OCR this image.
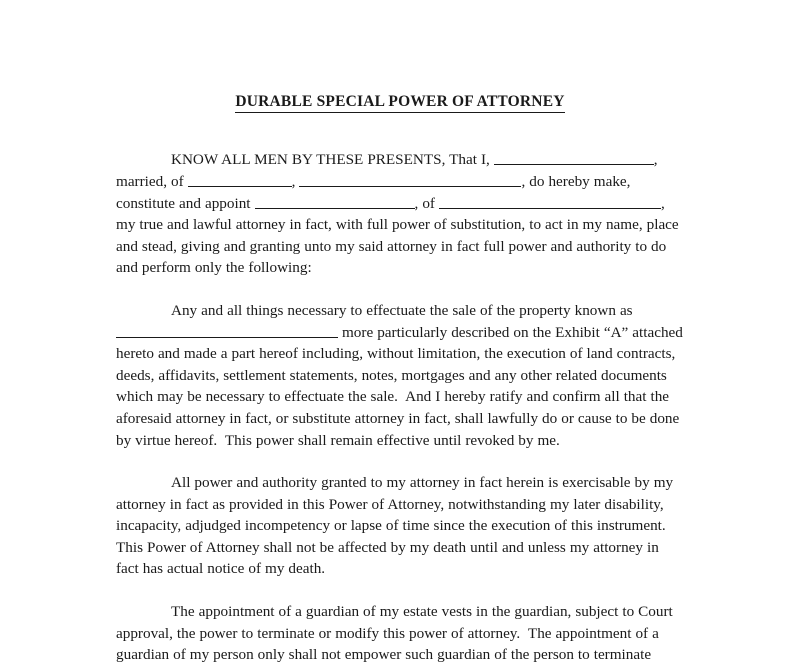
DURABLE SPECIAL POWER OF ATTORNEY

KNOW ALL MEN BY THESE PRESENTS, That I,	, married, of	,	, do hereby make, constitute and appoint	, of	, my true and lawful attorney in fact, with full power of substitution, to act in my name, place and stead, giving and granting unto my said attorney in fact full power and authority to do and perform only the following:

Any and all things necessary to effectuate the sale of the property known as  more particularly described on the Exhibit “A” attached hereto and made a part hereof including, without limitation, the execution of land contracts, deeds, affidavits, settlement statements, notes, mortgages and any other related documents which may be necessary to effectuate the sale.  And I hereby ratify and confirm all that the aforesaid attorney in fact, or substitute attorney in fact, shall lawfully do or cause to be done by virtue hereof.  This power shall remain effective until revoked by me.

All power and authority granted to my attorney in fact herein is exercisable by my attorney in fact as provided in this Power of Attorney, notwithstanding my later disability, incapacity, adjudged incompetency or lapse of time since the execution of this instrument.  This Power of Attorney shall not be affected by my death until and unless my attorney in fact has actual notice of my death.

The appointment of a guardian of my estate vests in the guardian, subject to Court approval, the power to terminate or modify this power of attorney.  The appointment of a guardian of my person only shall not empower such guardian of the person to terminate
